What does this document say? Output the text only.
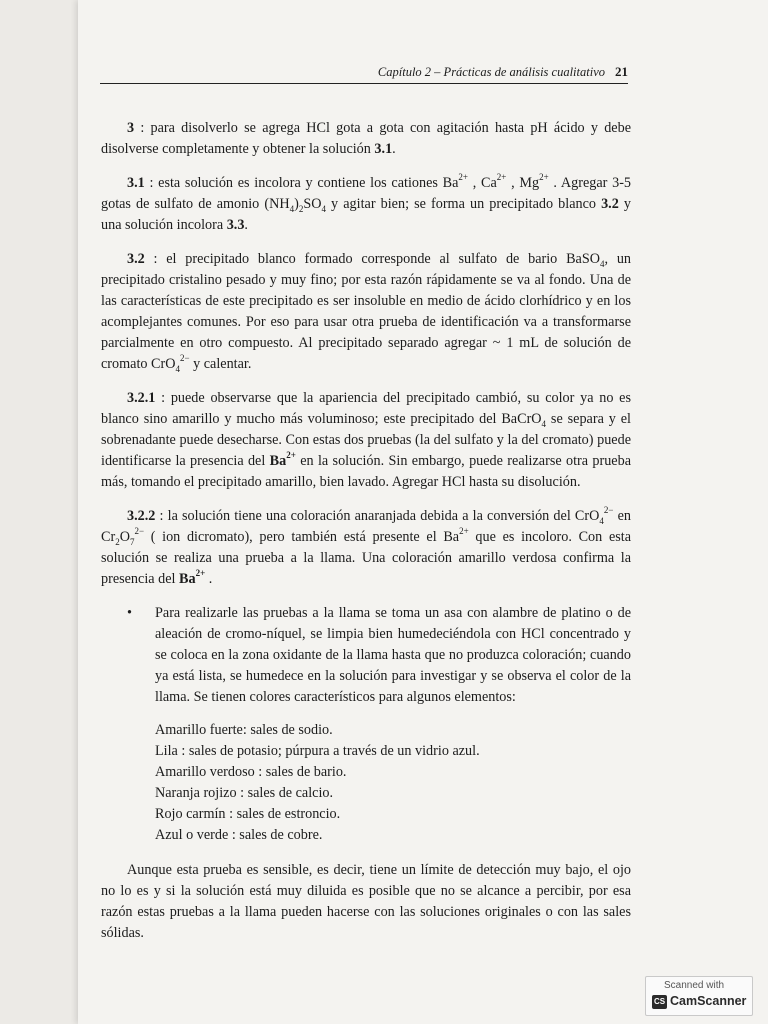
Capítulo 2 – Prácticas de análisis cualitativo 21

3 : para disolverlo se agrega HCl gota a gota con agitación hasta pH ácido y debe disolverse completamente y obtener la solución 3.1.

3.1 : esta solución es incolora y contiene los cationes $Ba^{2+}$ , $Ca^{2+}$ , $Mg^{2+}$ . Agregar 3-5 gotas de sulfato de amonio $(NH_4)_2SO_4$ y agitar bien; se forma un precipitado blanco 3.2 y una solución incolora 3.3.

3.2 : el precipitado blanco formado corresponde al sulfato de bario BaSO$_4$, un precipitado cristalino pesado y muy fino; por esta razón rápidamente se va al fondo. Una de las características de este precipitado es ser insoluble en medio de ácido clorhídrico y en los acomplejantes comunes. Por eso para usar otra prueba de identificación va a transformarse parcialmente en otro compuesto. Al precipitado separado agregar ~ 1 mL de solución de cromato CrO$_4^{2-}$ y calentar.

3.2.1 : puede observarse que la apariencia del precipitado cambió, su color ya no es blanco sino amarillo y mucho más voluminoso; este precipitado del BaCrO$_4$ se separa y el sobrenadante puede desecharse. Con estas dos pruebas (la del sulfato y la del cromato) puede identificarse la presencia del $Ba^{2+}$ en la solución. Sin embargo, puede realizarse otra prueba más, tomando el precipitado amarillo, bien lavado. Agregar HCl hasta su disolución.

3.2.2 : la solución tiene una coloración anaranjada debida a la conversión del CrO$_4^{2-}$ en $Cr_2O_7^{2-}$ ( ion dicromato), pero también está presente el $Ba^{2+}$ que es incoloro. Con esta solución se realiza una prueba a la llama. Una coloración amarillo verdosa confirma la presencia del $Ba^{2+}$ .

• Para realizarle las pruebas a la llama se toma un asa con alambre de platino o de aleación de cromo-níquel, se limpia bien humedeciéndola con HCl concentrado y se coloca en la zona oxidante de la llama hasta que no produzca coloración; cuando ya está lista, se humedece en la solución para investigar y se observa el color de la llama. Se tienen colores característicos para algunos elementos:
Amarillo fuerte: sales de sodio.
Lila : sales de potasio; púrpura a través de un vidrio azul.
Amarillo verdoso : sales de bario.
Naranja rojizo : sales de calcio.
Rojo carmín : sales de estroncio.
Azul o verde : sales de cobre.

Aunque esta prueba es sensible, es decir, tiene un límite de detección muy bajo, el ojo no lo es y si la solución está muy diluida es posible que no se alcance a percibir, por esa razón estas pruebas a la llama pueden hacerse con las soluciones originales o con las sales sólidas.

Scanned with
CS CamScanner
